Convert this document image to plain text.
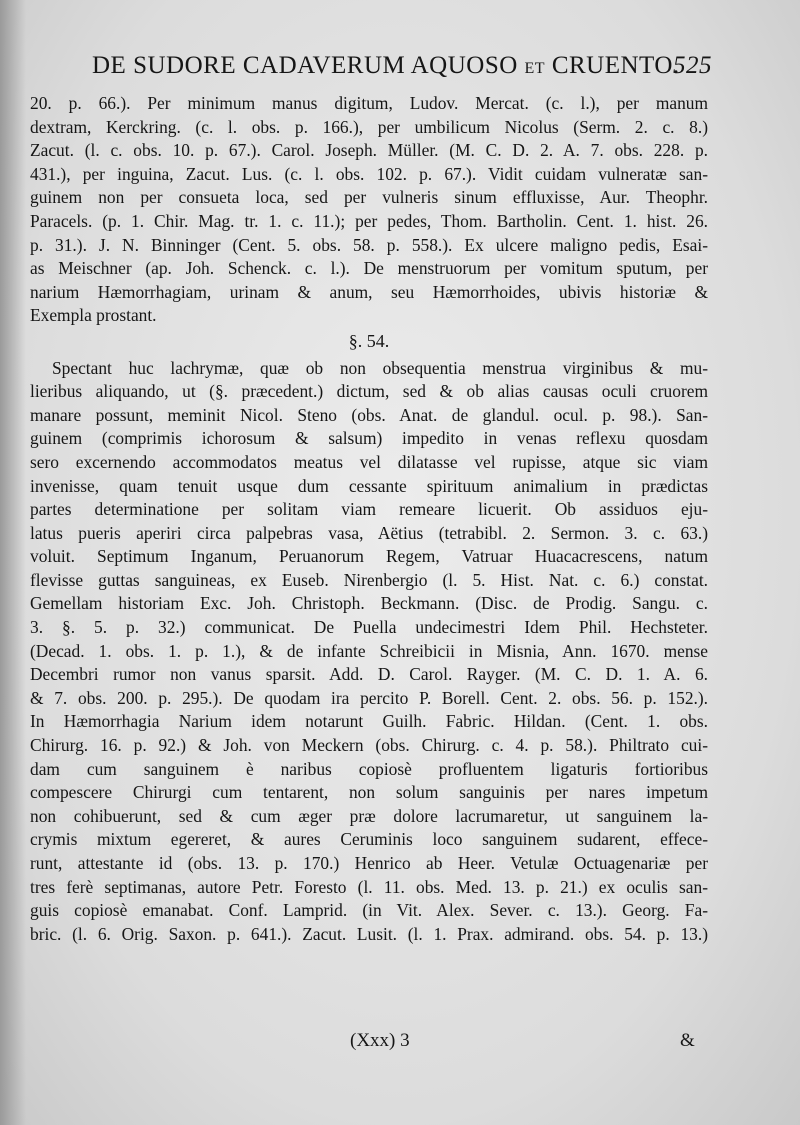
DE SUDORE CADAVERUM AQUOSO ET CRUENTO.
525
20. p. 66.). Per minimum manus digitum, Ludov. Mercat. (c. l.), per manum
dextram, Kerckring. (c. l. obs. p. 166.), per umbilicum Nicolus (Serm. 2. c. 8.)
Zacut. (l. c. obs. 10. p. 67.). Carol. Joseph. Müller. (M. C. D. 2. A. 7. obs. 228. p.
431.), per inguina, Zacut. Lus. (c. l. obs. 102. p. 67.). Vidit cuidam vulneratæ san-
guinem non per consueta loca, sed per vulneris sinum effluxisse, Aur. Theophr.
Paracels. (p. 1. Chir. Mag. tr. 1. c. 11.); per pedes, Thom. Bartholin. Cent. 1. hist. 26.
p. 31.). J. N. Binninger (Cent. 5. obs. 58. p. 558.). Ex ulcere maligno pedis, Esai-
as Meischner (ap. Joh. Schenck. c. l.). De menstruorum per vomitum sputum, per
narium Hæmorrhagiam, urinam & anum, seu Hæmorrhoides, ubivis historiæ &
Exempla prostant.
§. 54.
Spectant huc lachrymæ, quæ ob non obsequentia menstrua virginibus & mu-
lieribus aliquando, ut (§. præcedent.) dictum, sed & ob alias causas oculi cruorem
manare possunt, meminit Nicol. Steno (obs. Anat. de glandul. ocul. p. 98.). San-
guinem (comprimis ichorosum & salsum) impedito in venas reflexu quosdam
sero excernendo accommodatos meatus vel dilatasse vel rupisse, atque sic viam
invenisse, quam tenuit usque dum cessante spirituum animalium in prædictas
partes determinatione per solitam viam remeare licuerit. Ob assiduos eju-
latus pueris aperiri circa palpebras vasa, Aëtius (tetrabibl. 2. Sermon. 3. c. 63.)
voluit. Septimum Inganum, Peruanorum Regem, Vatruar Huacacrescens, natum
flevisse guttas sanguineas, ex Euseb. Nirenbergio (l. 5. Hist. Nat. c. 6.) constat.
Gemellam historiam Exc. Joh. Christoph. Beckmann. (Disc. de Prodig. Sangu. c.
3. §. 5. p. 32.) communicat. De Puella undecimestri Idem Phil. Hechsteter.
(Decad. 1. obs. 1. p. 1.), & de infante Schreibicii in Misnia, Ann. 1670. mense
Decembri rumor non vanus sparsit. Add. D. Carol. Rayger. (M. C. D. 1. A. 6.
& 7. obs. 200. p. 295.). De quodam ira percito P. Borell. Cent. 2. obs. 56. p. 152.).
In Hæmorrhagia Narium idem notarunt Guilh. Fabric. Hildan. (Cent. 1. obs.
Chirurg. 16. p. 92.) & Joh. von Meckern (obs. Chirurg. c. 4. p. 58.). Philtrato cui-
dam cum sanguinem è naribus copiosè profluentem ligaturis fortioribus
compescere Chirurgi cum tentarent, non solum sanguinis per nares impetum
non cohibuerunt, sed & cum æger præ dolore lacrumaretur, ut sanguinem la-
crymis mixtum egereret, & aures Ceruminis loco sanguinem sudarent, effece-
runt, attestante id (obs. 13. p. 170.) Henrico ab Heer. Vetulæ Octuagenariæ per
tres ferè septimanas, autore Petr. Foresto (l. 11. obs. Med. 13. p. 21.) ex oculis san-
guis copiosè emanabat. Conf. Lamprid. (in Vit. Alex. Sever. c. 13.). Georg. Fa-
bric. (l. 6. Orig. Saxon. p. 641.). Zacut. Lusit. (l. 1. Prax. admirand. obs. 54. p. 13.)
(Xxx) 3	&
